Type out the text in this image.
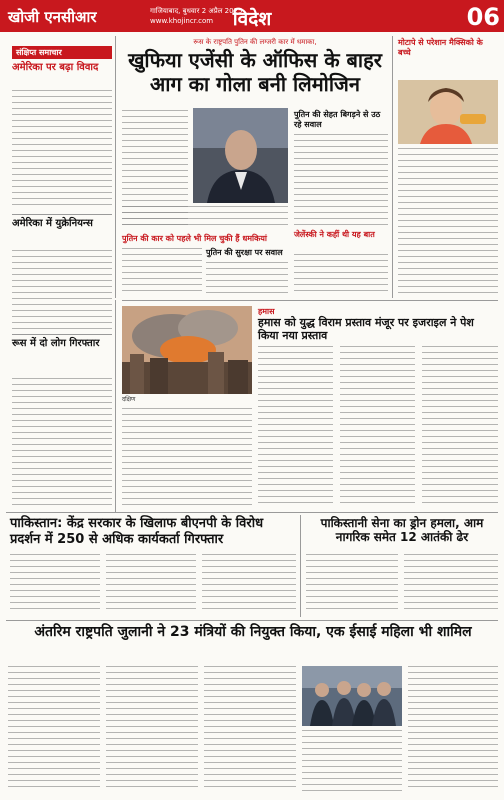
खोजी एनसीआर	गाजियाबाद, बुधवार 2 अप्रैल 2025
www.khojincr.com	विदेश	06
संक्षिप्त समाचार
अमेरिका पर बढ़ा विवाद
अमेरिका में युक्रेनियन्स
रूस में दो लोग गिरफ्तार
रूस के राष्ट्रपति पुतिन की लग्जरी कार में धमाका,
खुफिया एजेंसी के ऑफिस के बाहर आग का गोला बनी लिमोजिन
पुतिन की कार को पहले भी मिल चुकी हैं धमकियां
पुतिन की सुरक्षा पर सवाल
पुतिन की सेहत बिगड़ने से उठ रहे सवाल
जेलेंस्की ने कहीं थी यह बात
मोटापे से परेशान मैक्सिको के बच्चे
दक्षिण
हमास
हमास को युद्ध विराम प्रस्ताव मंजूर पर इजराइल ने पेश किया नया प्रस्ताव
पाकिस्तान: केंद्र सरकार के खिलाफ बीएनपी के विरोध प्रदर्शन में 250 से अधिक कार्यकर्ता गिरफ्तार
पाकिस्तानी सेना का ड्रोन हमला, आम नागरिक समेत 12 आतंकी ढेर
अंतरिम राष्ट्रपति जुलानी ने 23 मंत्रियों की नियुक्त किया, एक ईसाई महिला भी शामिल
